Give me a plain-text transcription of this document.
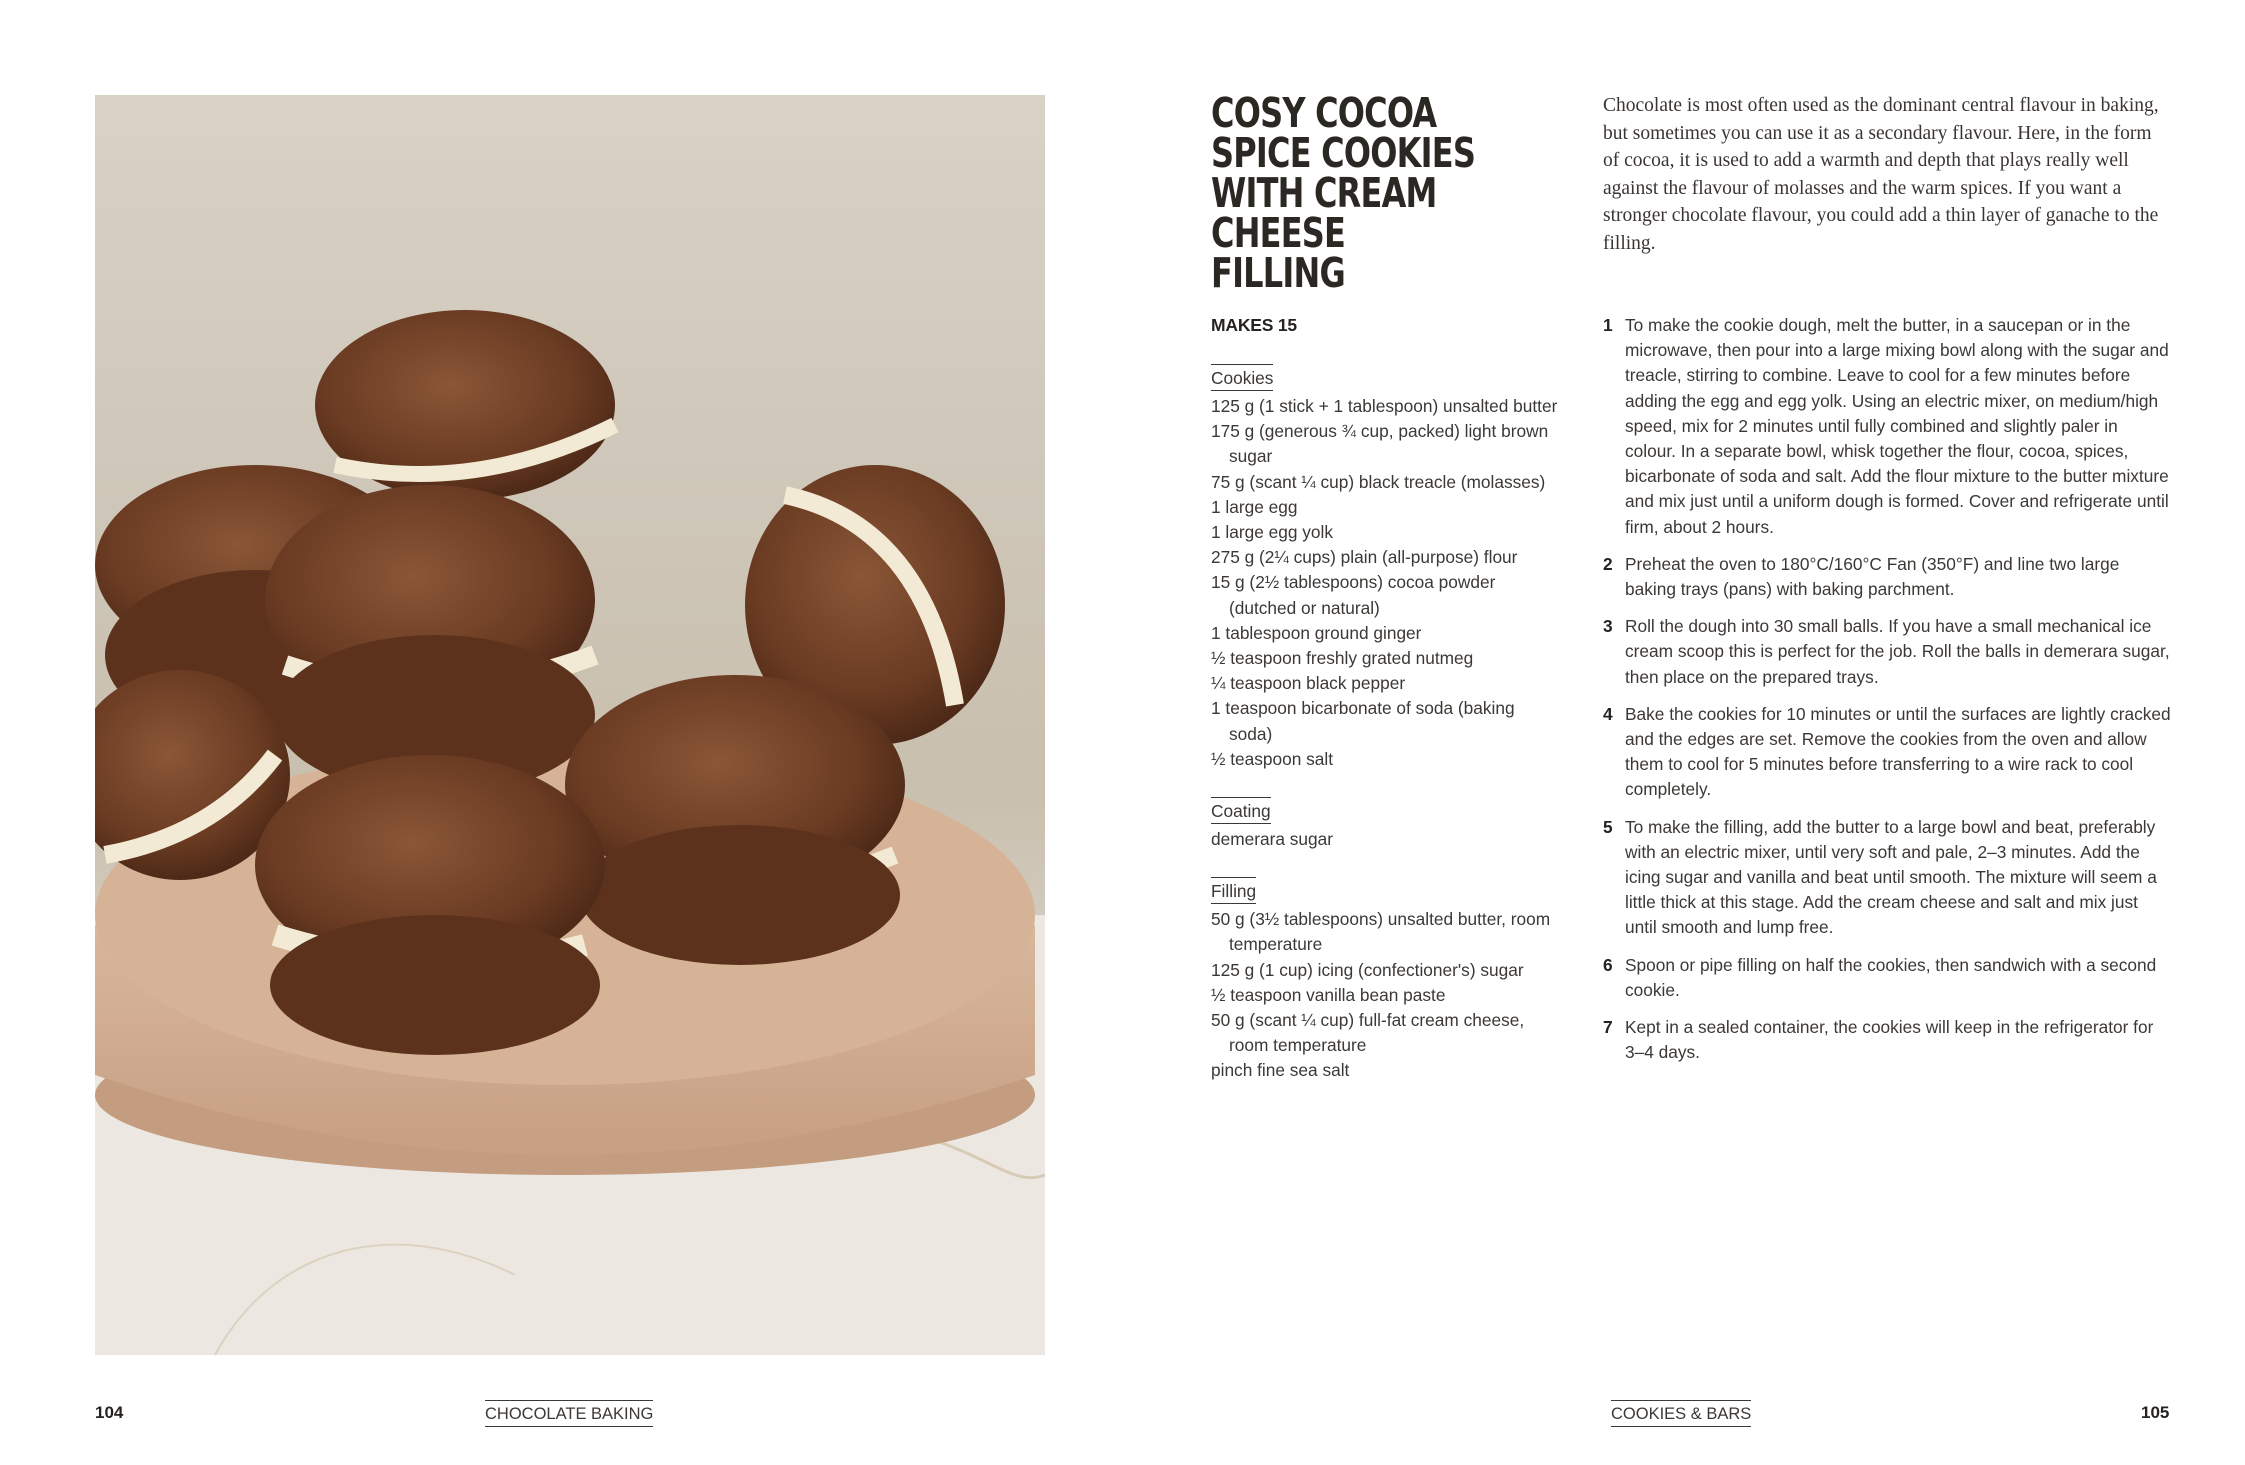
104	CHOCOLATE BAKING
COSY COCOA SPICE COOKIES WITH CREAM CHEESE FILLING

Chocolate is most often used as the dominant central flavour in baking, but sometimes you can use it as a secondary flavour. Here, in the form of cocoa, it is used to add a warmth and depth that plays really well against the flavour of molasses and the warm spices. If you want a stronger chocolate flavour, you could add a thin layer of ganache to the filling.

MAKES 15
Cookies

125 g (1 stick + 1 tablespoon) unsalted butter

175 g (generous ¾ cup, packed) light brown sugar

75 g (scant ¼ cup) black treacle (molasses)

1 large egg

1 large egg yolk

275 g (2¼ cups) plain (all-purpose) flour

15 g (2½ tablespoons) cocoa powder (dutched or natural)

1 tablespoon ground ginger

½ teaspoon freshly grated nutmeg

¼ teaspoon black pepper

1 teaspoon bicarbonate of soda (baking soda)

½ teaspoon salt

Coating

demerara sugar

Filling

50 g (3½ tablespoons) unsalted butter, room temperature

125 g (1 cup) icing (confectioner's) sugar

½ teaspoon vanilla bean paste

50 g (scant ¼ cup) full-fat cream cheese, room temperature

pinch fine sea salt

1 To make the cookie dough, melt the butter, in a saucepan or in the microwave, then pour into a large mixing bowl along with the sugar and treacle, stirring to combine. Leave to cool for a few minutes before adding the egg and egg yolk. Using an electric mixer, on medium/high speed, mix for 2 minutes until fully combined and slightly paler in colour. In a separate bowl, whisk together the flour, cocoa, spices, bicarbonate of soda and salt. Add the flour mixture to the butter mixture and mix just until a uniform dough is formed. Cover and refrigerate until firm, about 2 hours.
2 Preheat the oven to 180°C/160°C Fan (350°F) and line two large baking trays (pans) with baking parchment.
3 Roll the dough into 30 small balls. If you have a small mechanical ice cream scoop this is perfect for the job. Roll the balls in demerara sugar, then place on the prepared trays.
4 Bake the cookies for 10 minutes or until the surfaces are lightly cracked and the edges are set. Remove the cookies from the oven and allow them to cool for 5 minutes before transferring to a wire rack to cool completely.
5 To make the filling, add the butter to a large bowl and beat, preferably with an electric mixer, until very soft and pale, 2–3 minutes. Add the icing sugar and vanilla and beat until smooth. The mixture will seem a little thick at this stage. Add the cream cheese and salt and mix just until smooth and lump free.
6 Spoon or pipe filling on half the cookies, then sandwich with a second cookie.
7 Kept in a sealed container, the cookies will keep in the refrigerator for 3–4 days.
COOKIES & BARS	105
